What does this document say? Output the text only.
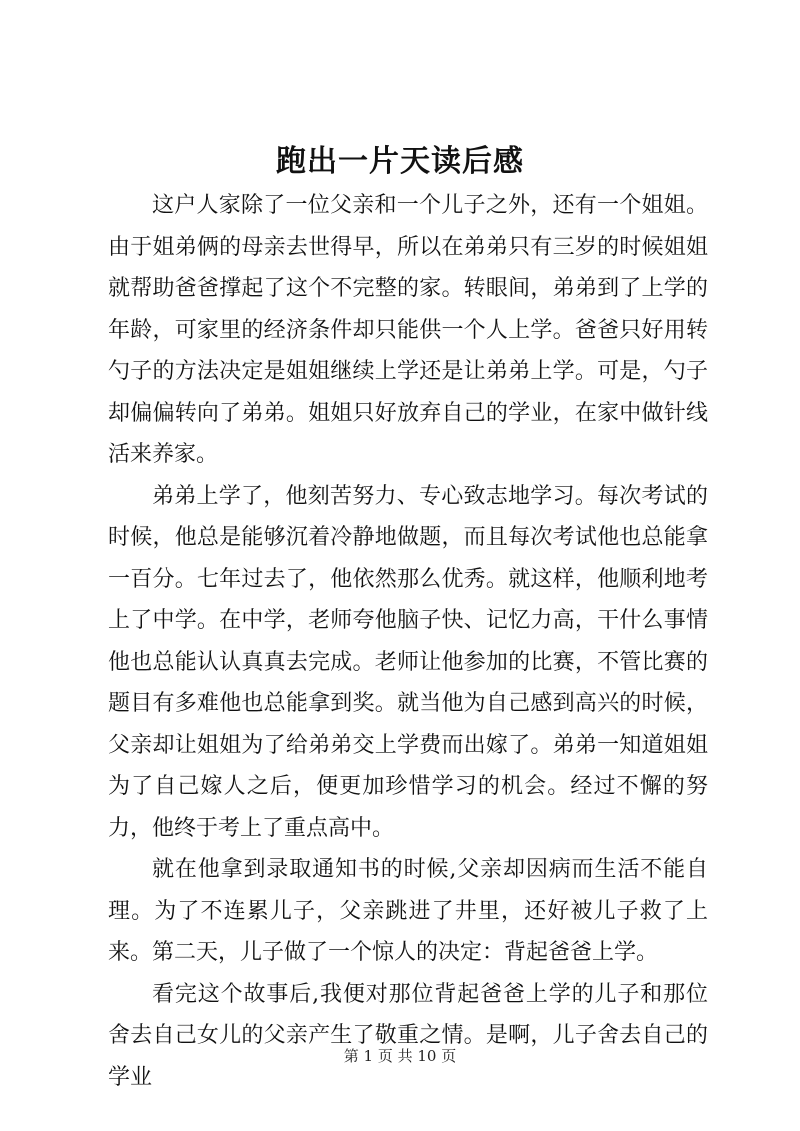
跑出一片天读后感

这户人家除了一位父亲和一个儿子之外，还有一个姐姐。由于姐弟俩的母亲去世得早，所以在弟弟只有三岁的时候姐姐就帮助爸爸撑起了这个不完整的家。转眼间，弟弟到了上学的年龄，可家里的经济条件却只能供一个人上学。爸爸只好用转勺子的方法决定是姐姐继续上学还是让弟弟上学。可是，勺子却偏偏转向了弟弟。姐姐只好放弃自己的学业，在家中做针线活来养家。

弟弟上学了，他刻苦努力、专心致志地学习。每次考试的时候，他总是能够沉着冷静地做题，而且每次考试他也总能拿一百分。七年过去了，他依然那么优秀。就这样，他顺利地考上了中学。在中学，老师夸他脑子快、记忆力高，干什么事情他也总能认认真真去完成。老师让他参加的比赛，不管比赛的题目有多难他也总能拿到奖。就当他为自己感到高兴的时候，父亲却让姐姐为了给弟弟交上学费而出嫁了。弟弟一知道姐姐为了自己嫁人之后，便更加珍惜学习的机会。经过不懈的努力，他终于考上了重点高中。

就在他拿到录取通知书的时候,父亲却因病而生活不能自理。为了不连累儿子，父亲跳进了井里，还好被儿子救了上来。第二天，儿子做了一个惊人的决定：背起爸爸上学。

看完这个故事后,我便对那位背起爸爸上学的儿子和那位舍去自己女儿的父亲产生了敬重之情。是啊，儿子舍去自己的学业

第 1 页 共 10 页
